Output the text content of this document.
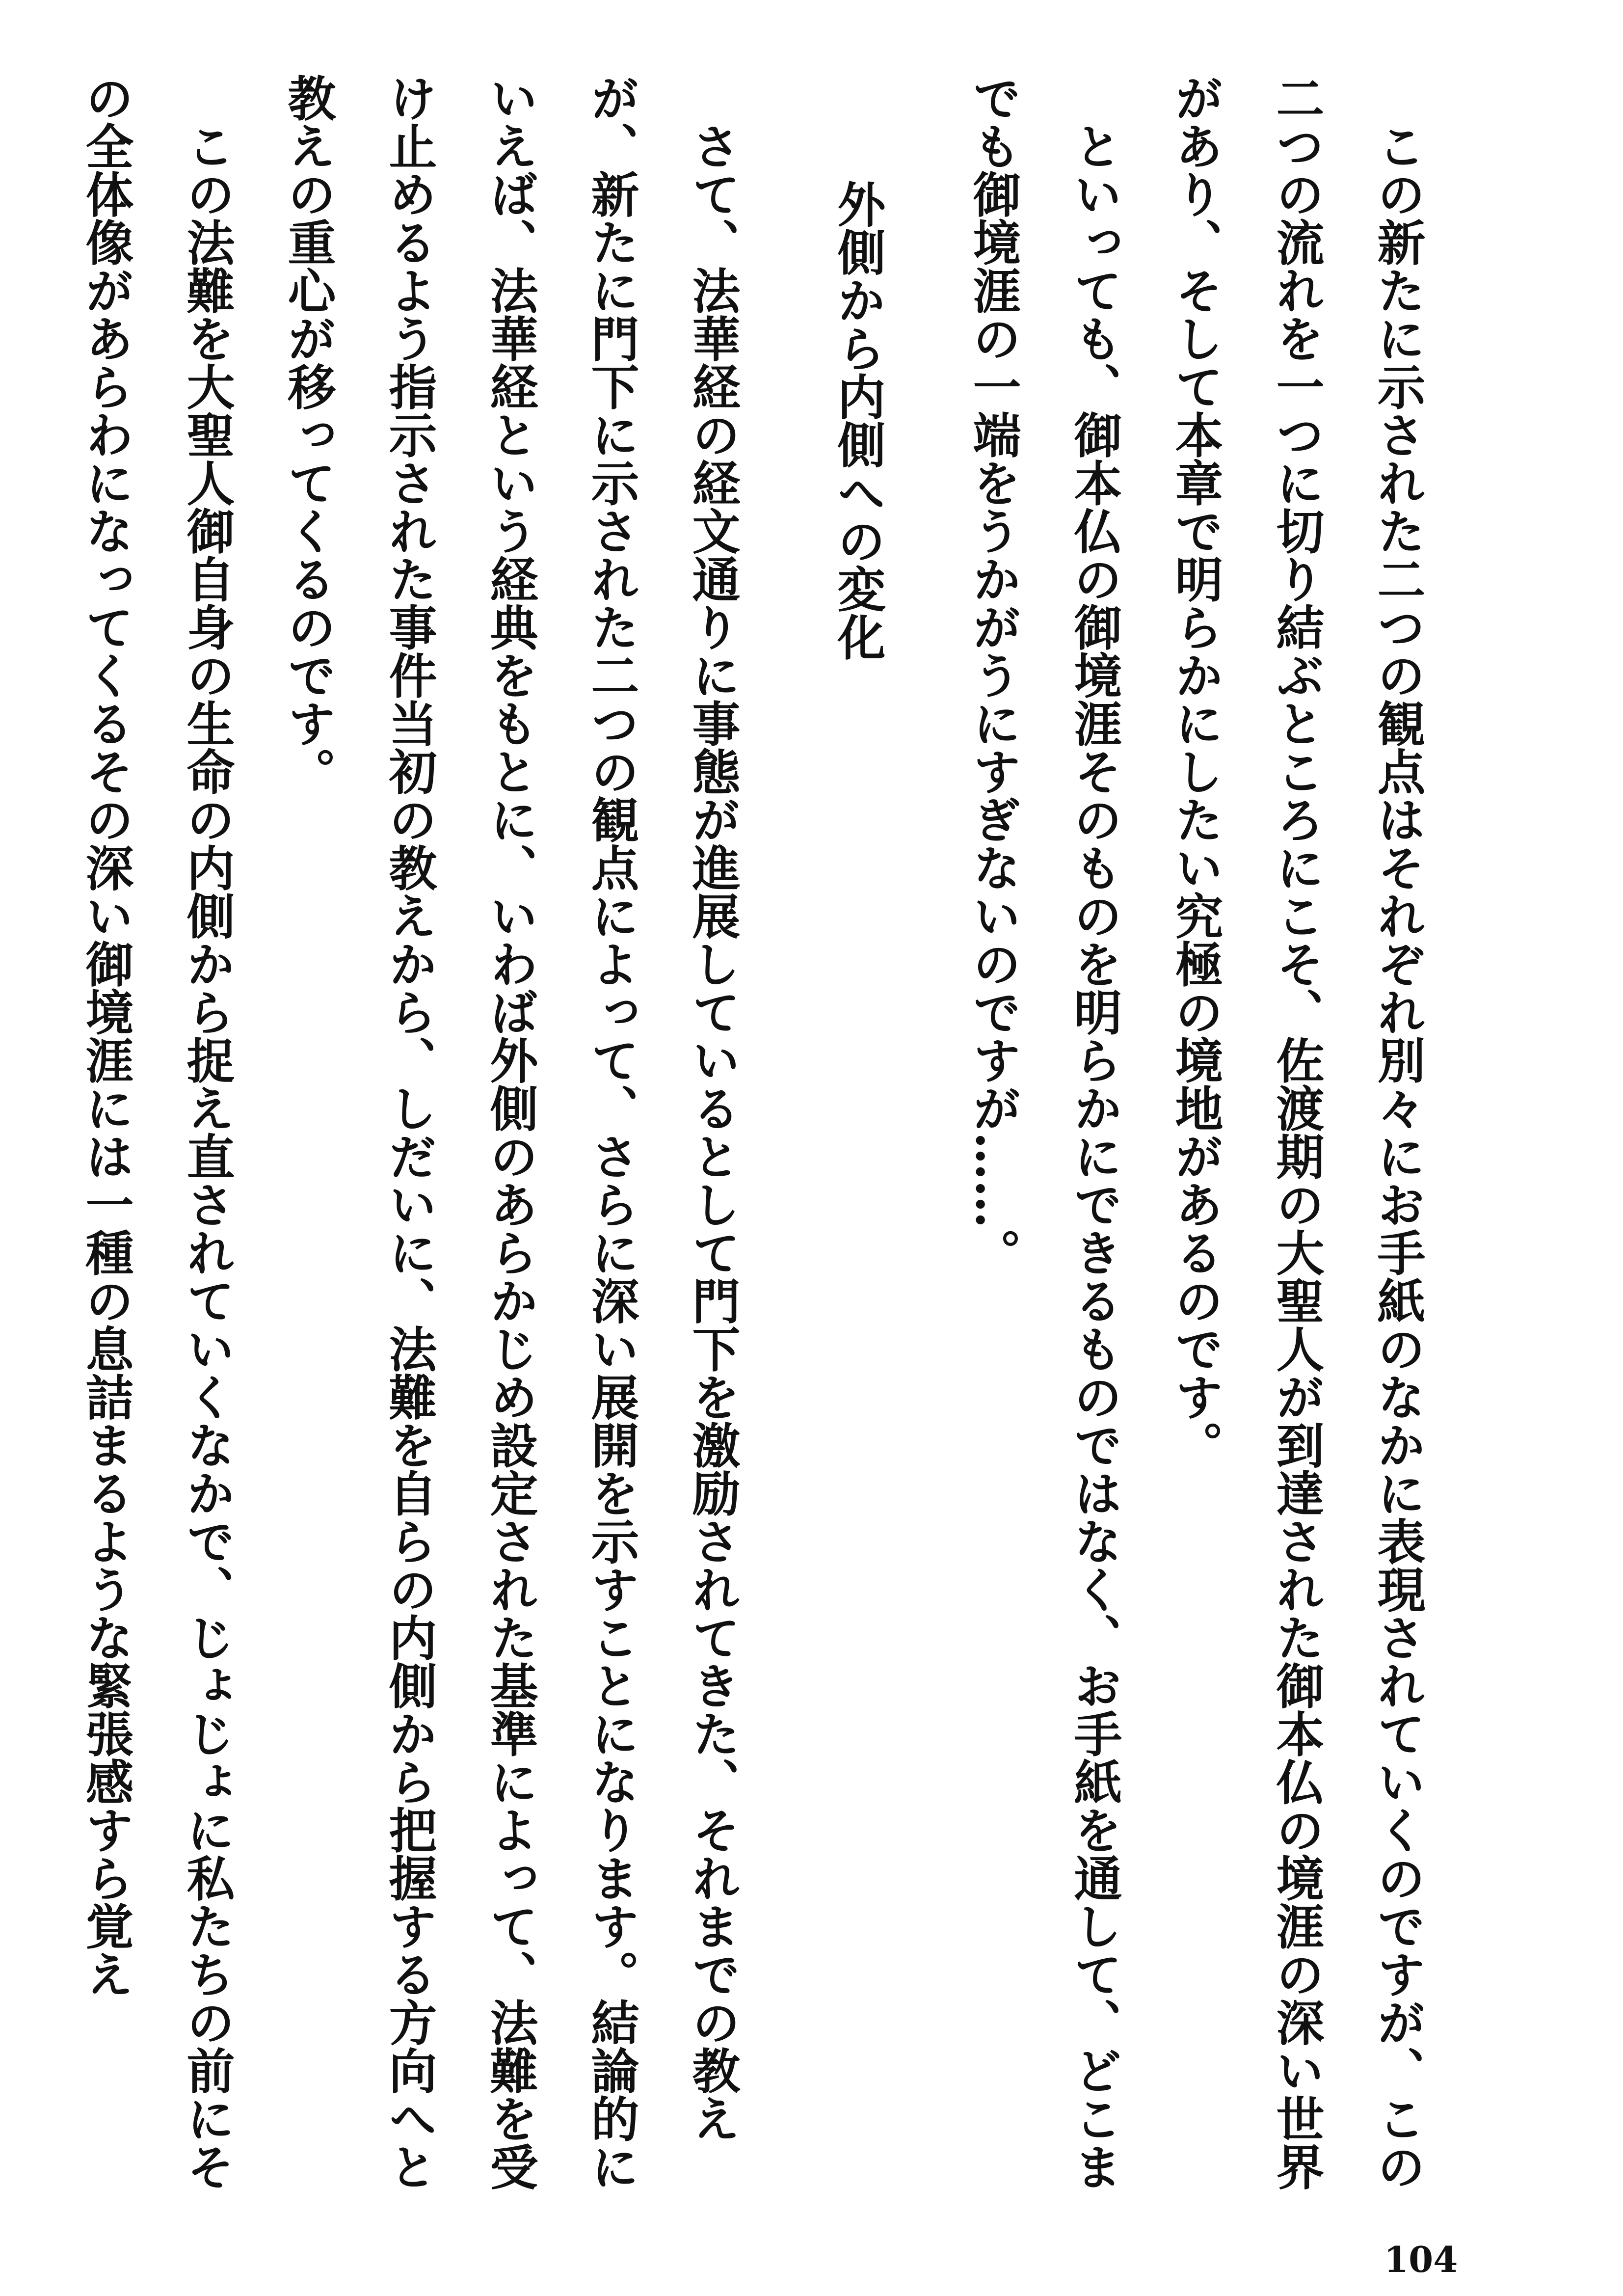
この新たに示された二つの観点はそれぞれ別々にお手紙のなかに表現されていくのですが、この二つの流れを一つに切り結ぶところにこそ、佐渡期の大聖人が到達された御本仏の境涯の深い世界があり、そして本章で明らかにしたい究極の境地があるのです。

といっても、御本仏の御境涯そのものを明らかにできるものではなく、お手紙を通して、どこまでも御境涯の一端をうかがうにすぎないのですが……。

外側から内側への変化

さて、法華経の経文通りに事態が進展しているとして門下を激励されてきた、それまでの教えが、新たに門下に示された二つの観点によって、さらに深い展開を示すことになります。結論的にいえば、法華経という経典をもとに、いわば外側のあらかじめ設定された基準によって、法難を受け止めるよう指示された事件当初の教えから、しだいに、法難を自らの内側から把握する方向へと教えの重心が移ってくるのです。

この法難を大聖人御自身の生命の内側から捉え直されていくなかで、じょじょに私たちの前にその全体像があらわになってくるその深い御境涯には一種の息詰まるような緊張感すら覚え

104
